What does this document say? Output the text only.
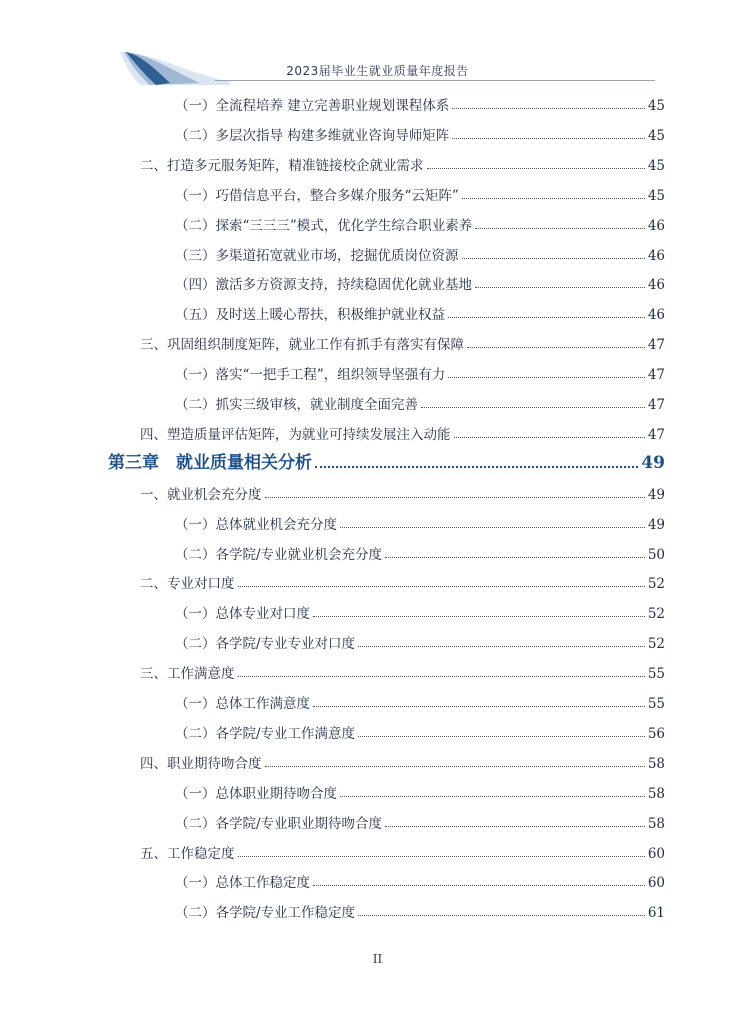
2023届毕业生就业质量年度报告
（一）全流程培养 建立完善职业规划课程体系	45
（二）多层次指导 构建多维就业咨询导师矩阵	45
二、打造多元服务矩阵，精准链接校企就业需求	45
（一）巧借信息平台，整合多媒介服务“云矩阵”	45
（二）探索“三三三”模式，优化学生综合职业素养	46
（三）多渠道拓宽就业市场，挖掘优质岗位资源	46
（四）激活多方资源支持，持续稳固优化就业基地	46
（五）及时送上暖心帮扶，积极维护就业权益	46
三、巩固组织制度矩阵，就业工作有抓手有落实有保障	47
（一）落实“一把手工程”，组织领导坚强有力	47
（二）抓实三级审核，就业制度全面完善	47
四、塑造质量评估矩阵，为就业可持续发展注入动能	47
第三章　就业质量相关分析	49
一、就业机会充分度	49
（一）总体就业机会充分度	49
（二）各学院/专业就业机会充分度	50
二、专业对口度	52
（一）总体专业对口度	52
（二）各学院/专业专业对口度	52
三、工作满意度	55
（一）总体工作满意度	55
（二）各学院/专业工作满意度	56
四、职业期待吻合度	58
（一）总体职业期待吻合度	58
（二）各学院/专业职业期待吻合度	58
五、工作稳定度	60
（一）总体工作稳定度	60
（二）各学院/专业工作稳定度	61
II
